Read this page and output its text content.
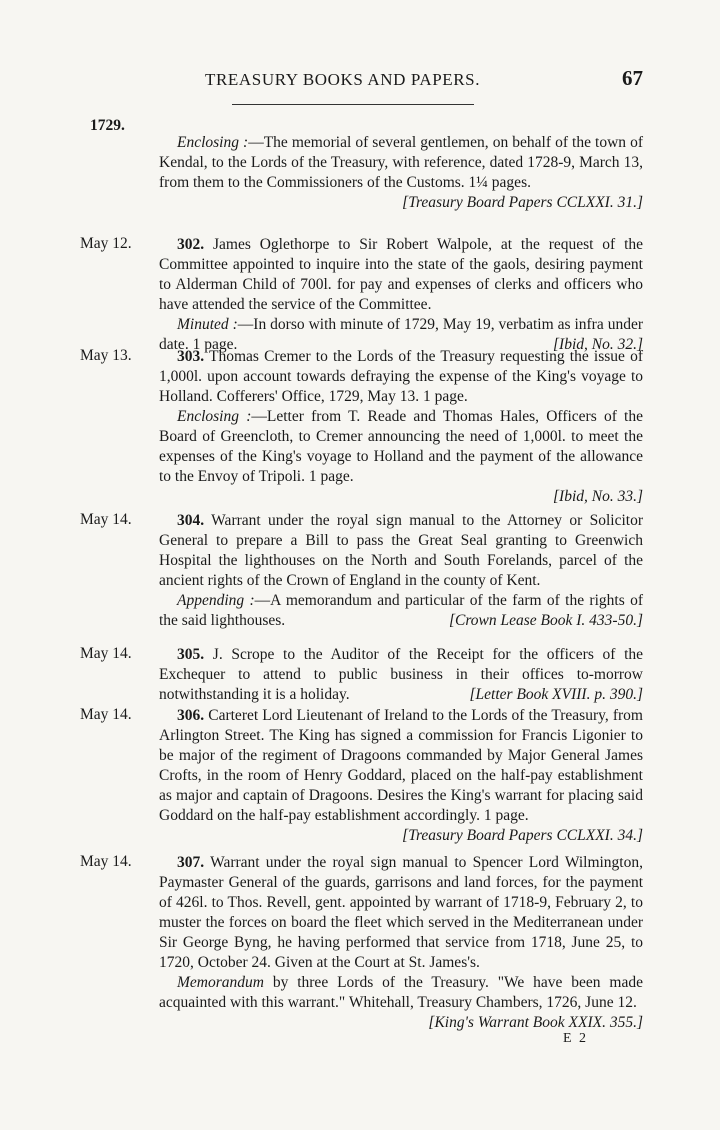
TREASURY BOOKS AND PAPERS.	67
1729.

Enclosing :—The memorial of several gentlemen, on behalf of the town of Kendal, to the Lords of the Treasury, with reference, dated 1728-9, March 13, from them to the Commissioners of the Customs. 1¼ pages.
[Treasury Board Papers CCLXXI. 31.]

May 12.	302. James Oglethorpe to Sir Robert Walpole, at the request of the Committee appointed to inquire into the state of the gaols, desiring payment to Alderman Child of 700l. for pay and expenses of clerks and officers who have attended the service of the Committee.

Minuted :—In dorso with minute of 1729, May 19, verbatim as infra under date. 1 page.	[Ibid, No. 32.]

May 13.	303. Thomas Cremer to the Lords of the Treasury requesting the issue of 1,000l. upon account towards defraying the expense of the King's voyage to Holland. Cofferers' Office, 1729, May 13. 1 page.

Enclosing :—Letter from T. Reade and Thomas Hales, Officers of the Board of Greencloth, to Cremer announcing the need of 1,000l. to meet the expenses of the King's voyage to Holland and the payment of the allowance to the Envoy of Tripoli. 1 page.

[Ibid, No. 33.]
May 14.	304. Warrant under the royal sign manual to the Attorney or Solicitor General to prepare a Bill to pass the Great Seal granting to Greenwich Hospital the lighthouses on the North and South Forelands, parcel of the ancient rights of the Crown of England in the county of Kent.

Appending :—A memorandum and particular of the farm of the rights of the said lighthouses.	[Crown Lease Book I. 433-50.]

May 14.	305. J. Scrope to the Auditor of the Receipt for the officers of the Exchequer to attend to public business in their offices to-morrow notwithstanding it is a holiday.	[Letter Book XVIII. p. 390.]

May 14.	306. Carteret Lord Lieutenant of Ireland to the Lords of the Treasury, from Arlington Street. The King has signed a commission for Francis Ligonier to be major of the regiment of Dragoons commanded by Major General James Crofts, in the room of Henry Goddard, placed on the half-pay establishment as major and captain of Dragoons. Desires the King's warrant for placing said Goddard on the half-pay establishment accordingly. 1 page.

[Treasury Board Papers CCLXXI. 34.]
May 14.	307. Warrant under the royal sign manual to Spencer Lord Wilmington, Paymaster General of the guards, garrisons and land forces, for the payment of 426l. to Thos. Revell, gent. appointed by warrant of 1718-9, February 2, to muster the forces on board the fleet which served in the Mediterranean under Sir George Byng, he having performed that service from 1718, June 25, to 1720, October 24. Given at the Court at St. James's.

Memorandum by three Lords of the Treasury. "We have been made acquainted with this warrant." Whitehall, Treasury Chambers, 1726, June 12.
[King's Warrant Book XXIX. 355.]

E 2
